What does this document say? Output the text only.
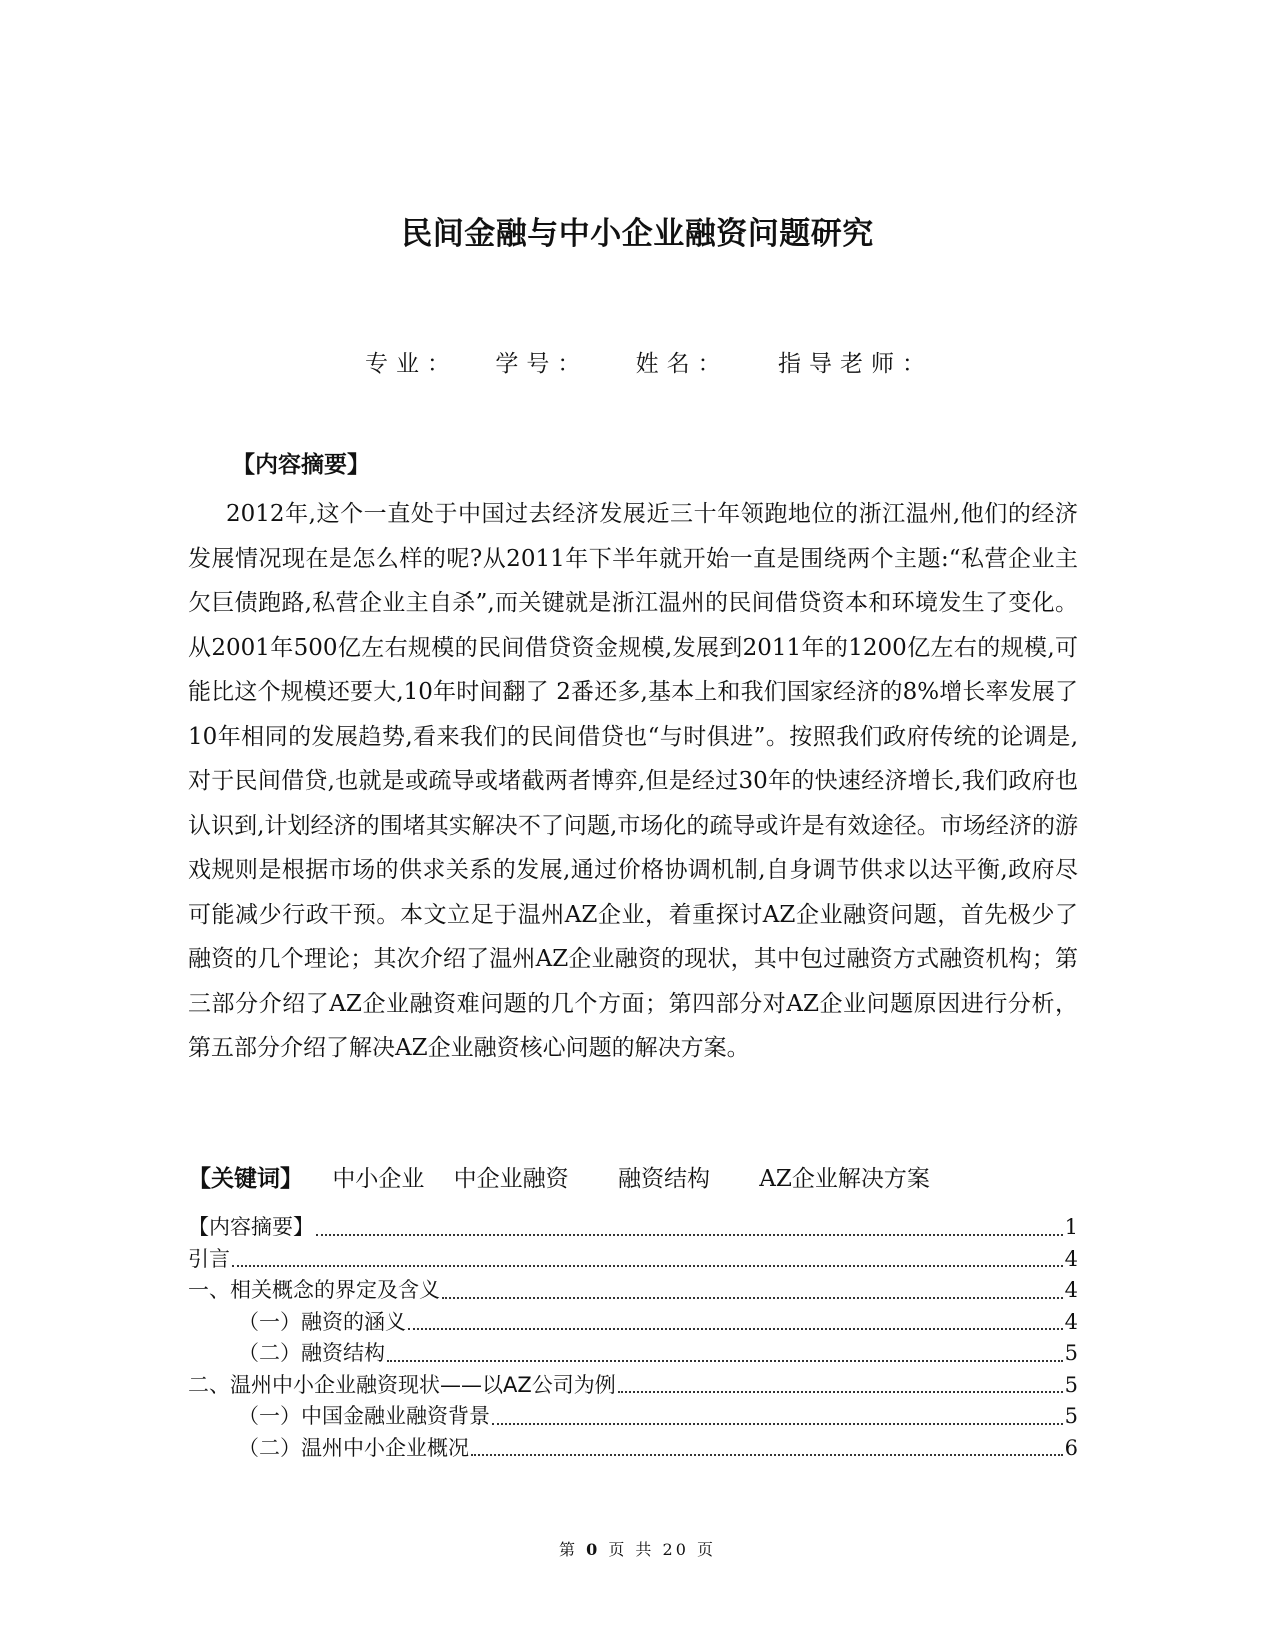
民间金融与中小企业融资问题研究
专业： 学号： 姓名： 指导老师：
【内容摘要】

2012年,这个一直处于中国过去经济发展近三十年领跑地位的浙江温州,他们的经济发展情况现在是怎么样的呢?从2011年下半年就开始一直是围绕两个主题:“私营企业主欠巨债跑路,私营企业主自杀”,而关键就是浙江温州的民间借贷资本和环境发生了变化。从2001年500亿左右规模的民间借贷资金规模,发展到2011年的1200亿左右的规模,可能比这个规模还要大,10年时间翻了 2番还多,基本上和我们国家经济的8%增长率发展了 10年相同的发展趋势,看来我们的民间借贷也“与时俱进”。按照我们政府传统的论调是,对于民间借贷,也就是或疏导或堵截两者博弈,但是经过30年的快速经济增长,我们政府也认识到,计划经济的围堵其实解决不了问题,市场化的疏导或许是有效途径。市场经济的游戏规则是根据市场的供求关系的发展,通过价格协调机制,自身调节供求以达平衡,政府尽可能减少行政干预。本文立足于温州AZ企业，着重探讨AZ企业融资问题，首先极少了融资的几个理论；其次介绍了温州AZ企业融资的现状，其中包过融资方式融资机构；第三部分介绍了AZ企业融资难问题的几个方面；第四部分对AZ企业问题原因进行分析，第五部分介绍了解决AZ企业融资核心问题的解决方案。

【关键词】 中小企业 中企业融资 融资结构 AZ企业解决方案
【内容摘要】	1
引言	4
一、相关概念的界定及含义	4
（一）融资的涵义	4
（二）融资结构	5
二、温州中小企业融资现状——以AZ公司为例	5
（一）中国金融业融资背景	5
（二）温州中小企业概况	6
第 0 页 共 20 页
